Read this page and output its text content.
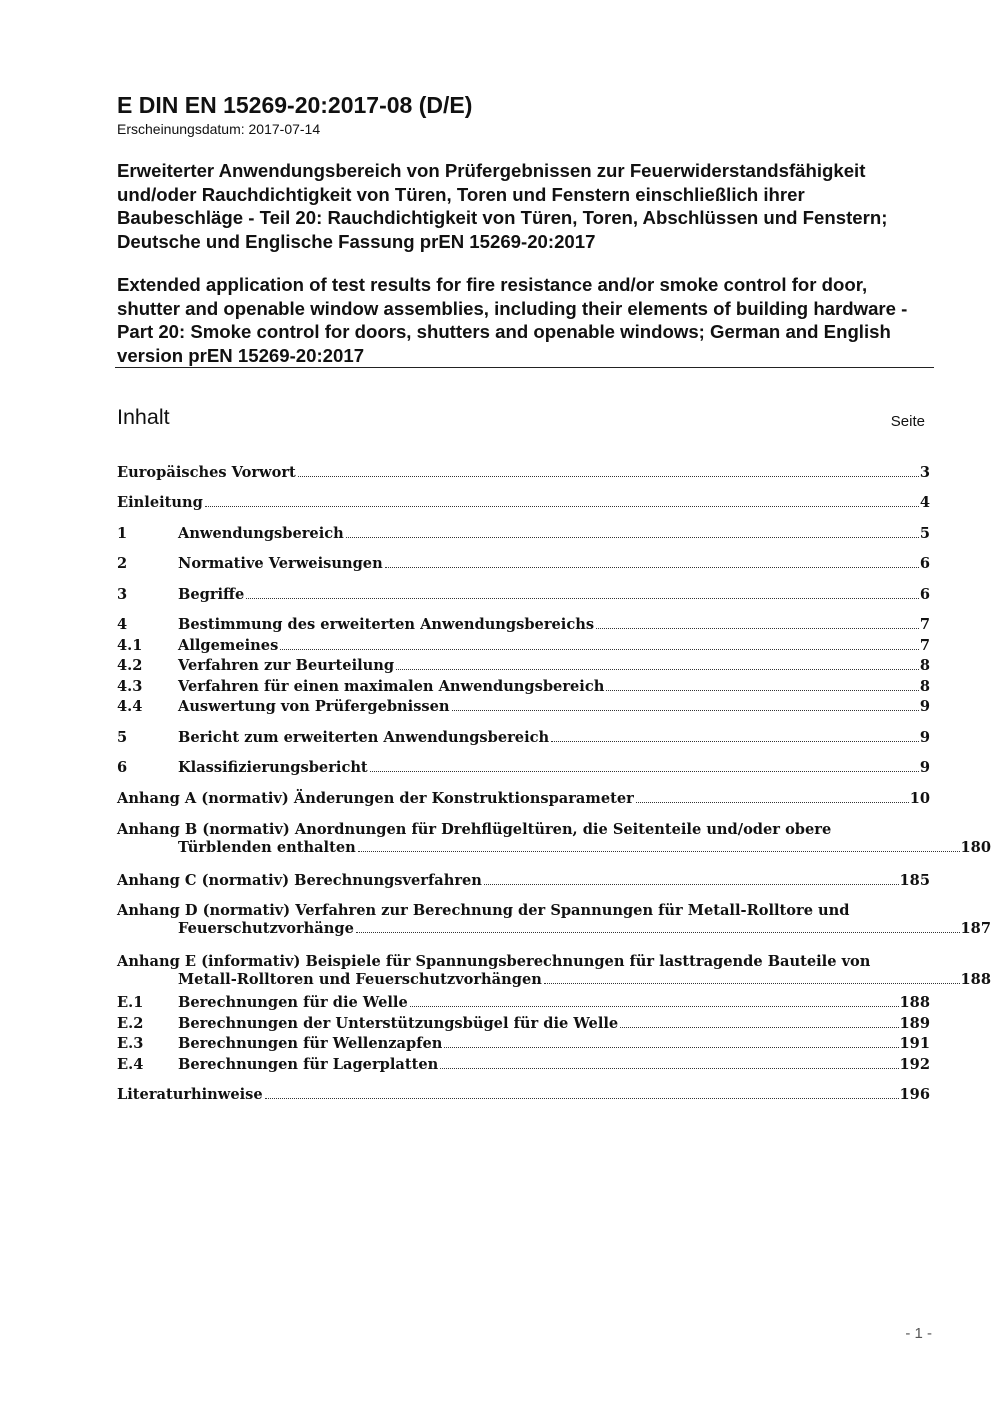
E DIN EN 15269-20:2017-08 (D/E)
Erscheinungsdatum: 2017-07-14

Erweiterter Anwendungsbereich von Prüfergebnissen zur Feuerwiderstandsfähigkeit und/oder Rauchdichtigkeit von Türen, Toren und Fenstern einschließlich ihrer Baubeschläge - Teil 20: Rauchdichtigkeit von Türen, Toren, Abschlüssen und Fenstern; Deutsche und Englische Fassung prEN 15269-20:2017

Extended application of test results for fire resistance and/or smoke control for door, shutter and openable window assemblies, including their elements of building hardware - Part 20: Smoke control for doors, shutters and openable windows; German and English version prEN 15269-20:2017

Inhalt	Seite
Europäisches Vorwort	3
Einleitung	4
1	Anwendungsbereich	5
2	Normative Verweisungen	6
3	Begriffe	6
4	Bestimmung des erweiterten Anwendungsbereichs	7
4.1	Allgemeines	7
4.2	Verfahren zur Beurteilung	8
4.3	Verfahren für einen maximalen Anwendungsbereich	8
4.4	Auswertung von Prüfergebnissen	9
5	Bericht zum erweiterten Anwendungsbereich	9
6	Klassifizierungsbericht	9
Anhang A (normativ) Änderungen der Konstruktionsparameter	10
Anhang B (normativ) Anordnungen für Drehflügeltüren, die Seitenteile und/oder obere
Türblenden enthalten	180
Anhang C (normativ) Berechnungsverfahren	185
Anhang D (normativ) Verfahren zur Berechnung der Spannungen für Metall-Rolltore und
Feuerschutzvorhänge	187
Anhang E (informativ) Beispiele für Spannungsberechnungen für lasttragende Bauteile von
Metall-Rolltoren und Feuerschutzvorhängen	188
E.1	Berechnungen für die Welle	188
E.2	Berechnungen der Unterstützungsbügel für die Welle	189
E.3	Berechnungen für Wellenzapfen	191
E.4	Berechnungen für Lagerplatten	192
Literaturhinweise	196
- 1 -
